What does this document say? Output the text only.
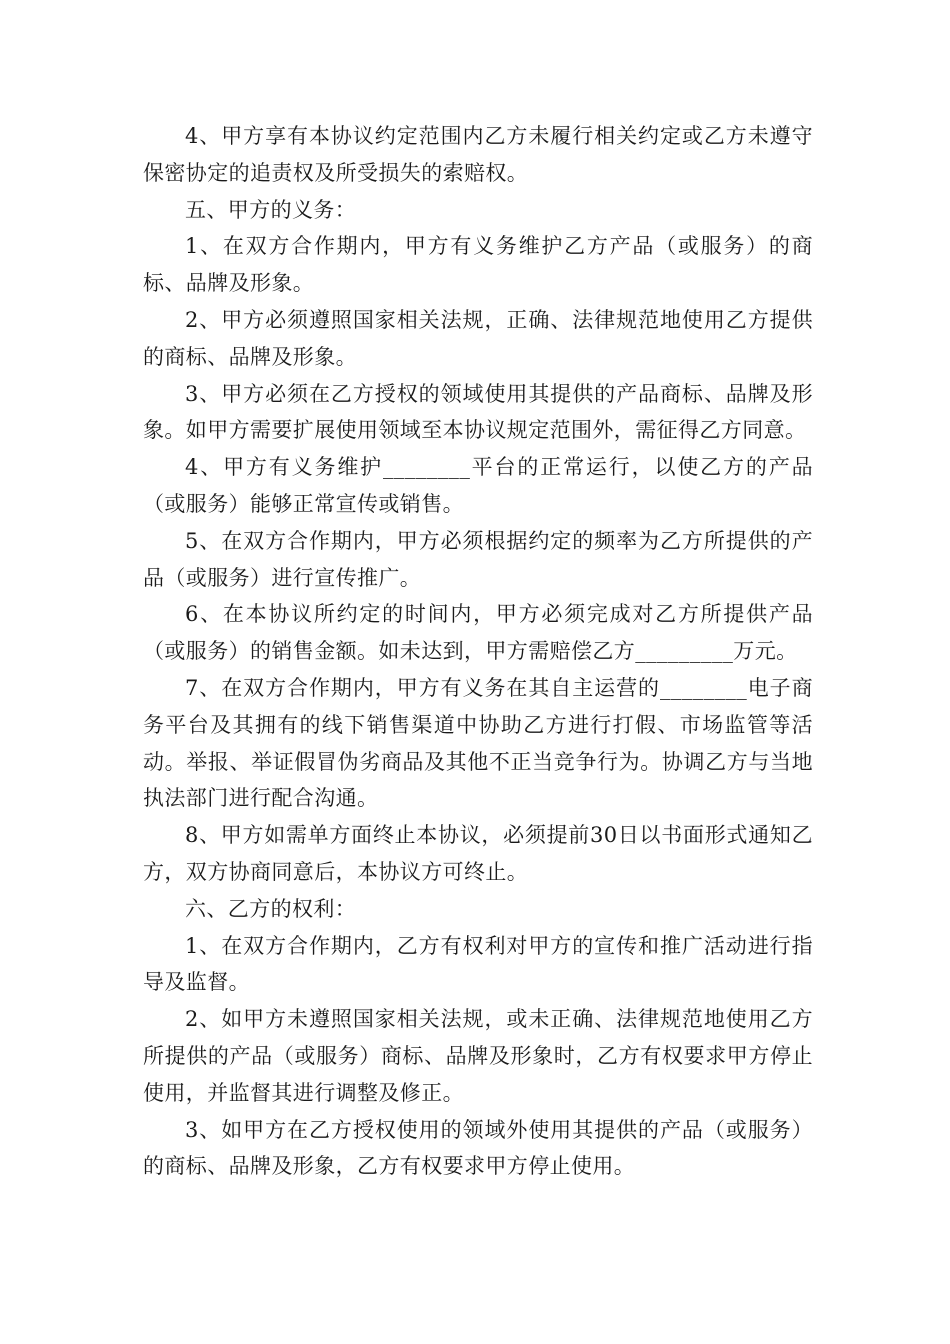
4、甲方享有本协议约定范围内乙方未履行相关约定或乙方未遵守保密协定的追责权及所受损失的索赔权。

五、甲方的义务：

1、在双方合作期内，甲方有义务维护乙方产品（或服务）的商标、品牌及形象。

2、甲方必须遵照国家相关法规，正确、法律规范地使用乙方提供的商标、品牌及形象。

3、甲方必须在乙方授权的领域使用其提供的产品商标、品牌及形象。如甲方需要扩展使用领域至本协议规定范围外，需征得乙方同意。

4、甲方有义务维护________平台的正常运行，以使乙方的产品（或服务）能够正常宣传或销售。

5、在双方合作期内，甲方必须根据约定的频率为乙方所提供的产品（或服务）进行宣传推广。

6、在本协议所约定的时间内，甲方必须完成对乙方所提供产品（或服务）的销售金额。如未达到，甲方需赔偿乙方_________万元。

7、在双方合作期内，甲方有义务在其自主运营的________电子商务平台及其拥有的线下销售渠道中协助乙方进行打假、市场监管等活动。举报、举证假冒伪劣商品及其他不正当竞争行为。协调乙方与当地执法部门进行配合沟通。

8、甲方如需单方面终止本协议，必须提前30日以书面形式通知乙方，双方协商同意后，本协议方可终止。

六、乙方的权利：

1、在双方合作期内，乙方有权利对甲方的宣传和推广活动进行指导及监督。

2、如甲方未遵照国家相关法规，或未正确、法律规范地使用乙方所提供的产品（或服务）商标、品牌及形象时，乙方有权要求甲方停止使用，并监督其进行调整及修正。

3、如甲方在乙方授权使用的领域外使用其提供的产品（或服务）的商标、品牌及形象，乙方有权要求甲方停止使用。
